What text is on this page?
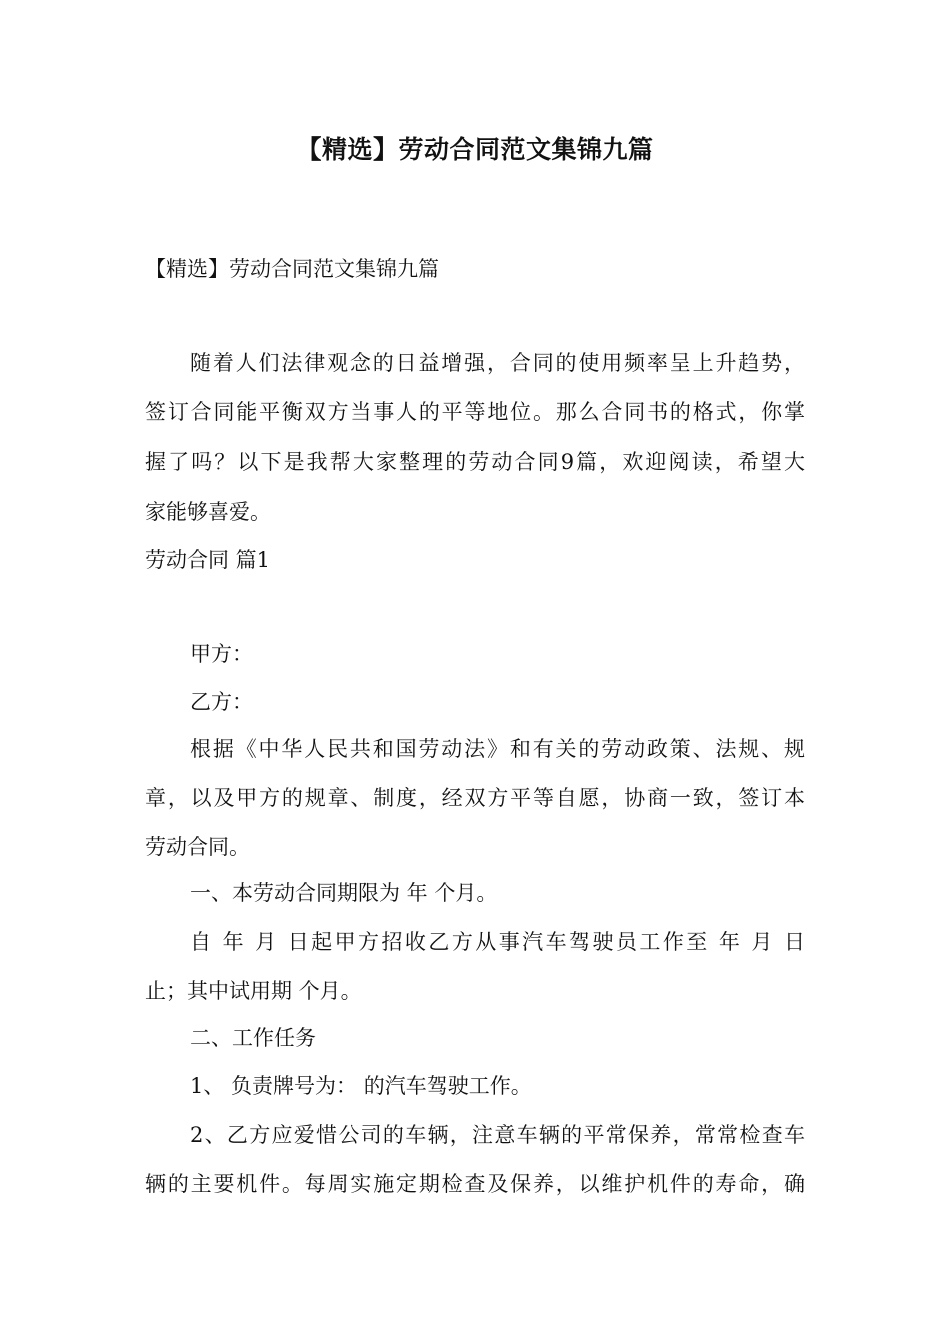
【精选】劳动合同范文集锦九篇
【精选】劳动合同范文集锦九篇
随着人们法律观念的日益增强，合同的使用频率呈上升趋势，
签订合同能平衡双方当事人的平等地位。那么合同书的格式，你掌
握了吗？以下是我帮大家整理的劳动合同9篇，欢迎阅读，希望大
家能够喜爱。
劳动合同 篇1
甲方：
乙方：
根据《中华人民共和国劳动法》和有关的劳动政策、法规、规
章，以及甲方的规章、制度，经双方平等自愿，协商一致，签订本
劳动合同。
一、本劳动合同期限为 年 个月。
自 年 月 日起甲方招收乙方从事汽车驾驶员工作至 年 月 日
止；其中试用期 个月。
二、工作任务
1、 负责牌号为： 的汽车驾驶工作。
2、乙方应爱惜公司的车辆，注意车辆的平常保养，常常检查车
辆的主要机件。每周实施定期检查及保养，以维护机件的寿命，确
